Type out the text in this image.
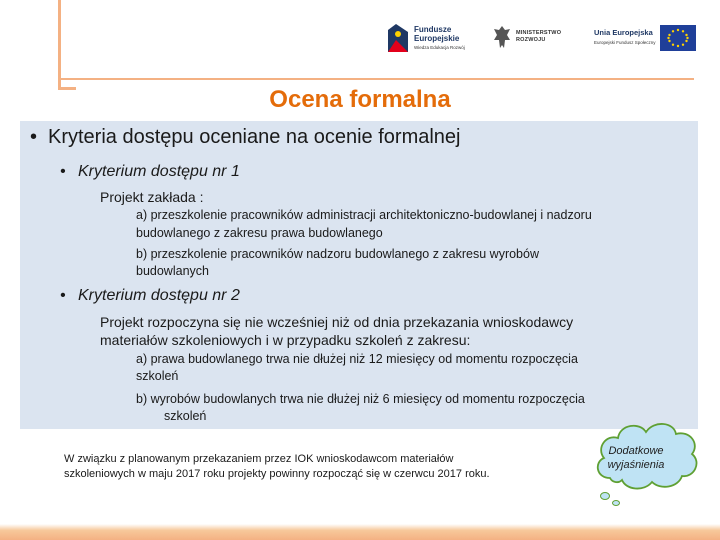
Fundusze
Europejskie
Wiedza Edukacja Rozwój
MINISTERSTWO
ROZWOJU
Unia Europejska
Europejski Fundusz Społeczny
Ocena formalna
• Kryteria dostępu oceniane na ocenie formalnej
• Kryterium dostępu nr 1
Projekt zakłada :
a) przeszkolenie pracowników administracji architektoniczno-budowlanej i nadzoru
budowlanego z zakresu prawa budowlanego
b) przeszkolenie pracowników nadzoru budowlanego z zakresu wyrobów
budowlanych
• Kryterium dostępu nr 2
Projekt rozpoczyna się nie wcześniej niż od dnia przekazania wnioskodawcy
materiałów szkoleniowych i w przypadku szkoleń z zakresu:
a) prawa budowlanego trwa nie dłużej niż 12 miesięcy od momentu rozpoczęcia
szkoleń
b) wyrobów budowlanych trwa nie dłużej niż 6 miesięcy od momentu rozpoczęcia
szkoleń
W związku z planowanym przekazaniem przez IOK wnioskodawcom materiałów
szkoleniowych w maju 2017 roku projekty powinny rozpocząć się w czerwcu 2017 roku.
Dodatkowe
wyjaśnienia
